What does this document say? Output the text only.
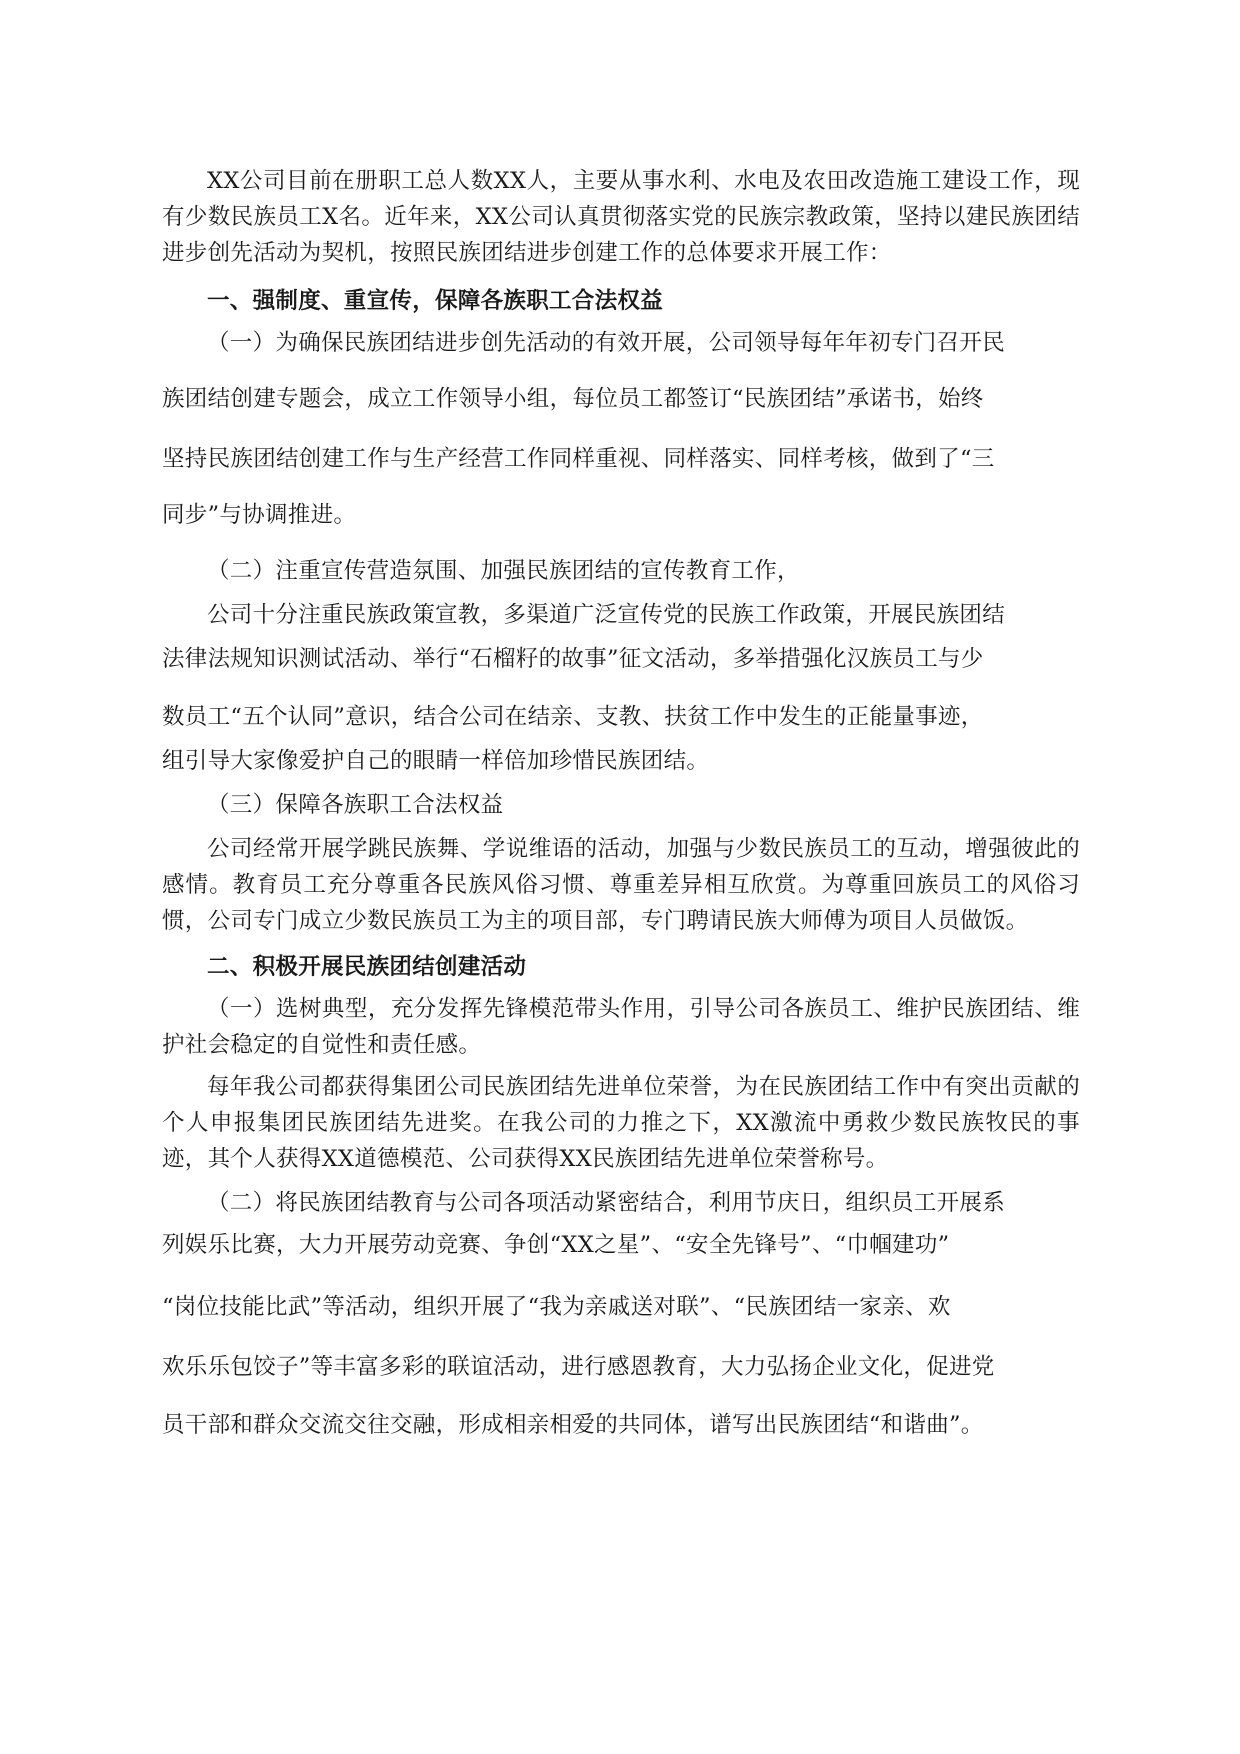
XX公司目前在册职工总人数XX人，主要从事水利、水电及农田改造施工建设工作，现有少数民族员工X名。近年来，XX公司认真贯彻落实党的民族宗教政策，坚持以建民族团结进步创先活动为契机，按照民族团结进步创建工作的总体要求开展工作：

一、强制度、重宣传，保障各族职工合法权益

（一）为确保民族团结进步创先活动的有效开展，公司领导每年年初专门召开民
族团结创建专题会，成立工作领导小组，每位员工都签订“民族团结”承诺书，始终
坚持民族团结创建工作与生产经营工作同样重视、同样落实、同样考核，做到了“三
同步”与协调推进。

（二）注重宣传营造氛围、加强民族团结的宣传教育工作，

公司十分注重民族政策宣教，多渠道广泛宣传党的民族工作政策，开展民族团结
法律法规知识测试活动、举行“石榴籽的故事”征文活动，多举措强化汉族员工与少
数员工“五个认同”意识，结合公司在结亲、支教、扶贫工作中发生的正能量事迹，
组引导大家像爱护自己的眼睛一样倍加珍惜民族团结。

（三）保障各族职工合法权益

公司经常开展学跳民族舞、学说维语的活动，加强与少数民族员工的互动，增强彼此的感情。教育员工充分尊重各民族风俗习惯、尊重差异相互欣赏。为尊重回族员工的风俗习惯，公司专门成立少数民族员工为主的项目部，专门聘请民族大师傅为项目人员做饭。

二、积极开展民族团结创建活动

（一）选树典型，充分发挥先锋模范带头作用，引导公司各族员工、维护民族团结、维护社会稳定的自觉性和责任感。

每年我公司都获得集团公司民族团结先进单位荣誉，为在民族团结工作中有突出贡献的个人申报集团民族团结先进奖。在我公司的力推之下，XX激流中勇救少数民族牧民的事迹，其个人获得XX道德模范、公司获得XX民族团结先进单位荣誉称号。

（二）将民族团结教育与公司各项活动紧密结合，利用节庆日，组织员工开展系
列娱乐比赛，大力开展劳动竞赛、争创“XX之星”、“安全先锋号”、“巾帼建功”
“岗位技能比武”等活动，组织开展了“我为亲戚送对联”、“民族团结一家亲、欢
欢乐乐包饺子”等丰富多彩的联谊活动，进行感恩教育，大力弘扬企业文化，促进党
员干部和群众交流交往交融，形成相亲相爱的共同体，谱写出民族团结“和谐曲”。
